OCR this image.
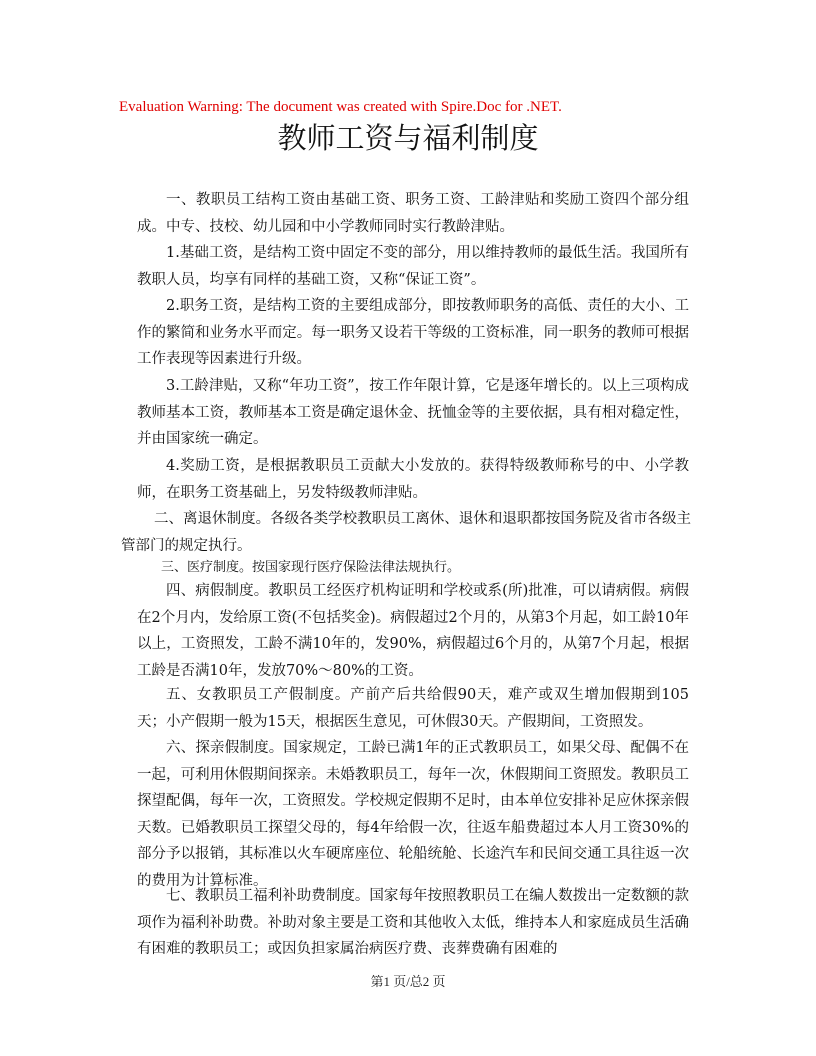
Evaluation Warning: The document was created with Spire.Doc for .NET.
教师工资与福利制度

一、教职员工结构工资由基础工资、职务工资、工龄津贴和奖励工资四个部分组成。中专、技校、幼儿园和中小学教师同时实行教龄津贴。

1.基础工资，是结构工资中固定不变的部分，用以维持教师的最低生活。我国所有教职人员，均享有同样的基础工资，又称“保证工资”。

2.职务工资，是结构工资的主要组成部分，即按教师职务的高低、责任的大小、工作的繁简和业务水平而定。每一职务又设若干等级的工资标准，同一职务的教师可根据工作表现等因素进行升级。

3.工龄津贴，又称“年功工资”，按工作年限计算，它是逐年增长的。以上三项构成教师基本工资，教师基本工资是确定退休金、抚恤金等的主要依据，具有相对稳定性，并由国家统一确定。

4.奖励工资，是根据教职员工贡献大小发放的。获得特级教师称号的中、小学教师，在职务工资基础上，另发特级教师津贴。

二、离退休制度。各级各类学校教职员工离休、退休和退职都按国务院及省市各级主管部门的规定执行。

三、医疗制度。按国家现行医疗保险法律法规执行。

四、病假制度。教职员工经医疗机构证明和学校或系(所)批准，可以请病假。病假在2个月内，发给原工资(不包括奖金)。病假超过2个月的，从第3个月起，如工龄10年以上，工资照发，工龄不满10年的，发90%，病假超过6个月的，从第7个月起，根据工龄是否满10年，发放70%～80%的工资。

五、女教职员工产假制度。产前产后共给假90天，难产或双生增加假期到105天；小产假期一般为15天，根据医生意见，可休假30天。产假期间，工资照发。

六、探亲假制度。国家规定，工龄已满1年的正式教职员工，如果父母、配偶不在一起，可利用休假期间探亲。未婚教职员工，每年一次，休假期间工资照发。教职员工探望配偶，每年一次，工资照发。学校规定假期不足时，由本单位安排补足应休探亲假天数。已婚教职员工探望父母的，每4年给假一次，往返车船费超过本人月工资30%的部分予以报销，其标准以火车硬席座位、轮船统舱、长途汽车和民间交通工具往返一次的费用为计算标准。

七、教职员工福利补助费制度。国家每年按照教职员工在编人数拨出一定数额的款项作为福利补助费。补助对象主要是工资和其他收入太低，维持本人和家庭成员生活确有困难的教职员工；或因负担家属治病医疗费、丧葬费确有困难的

第1 页/总2 页
